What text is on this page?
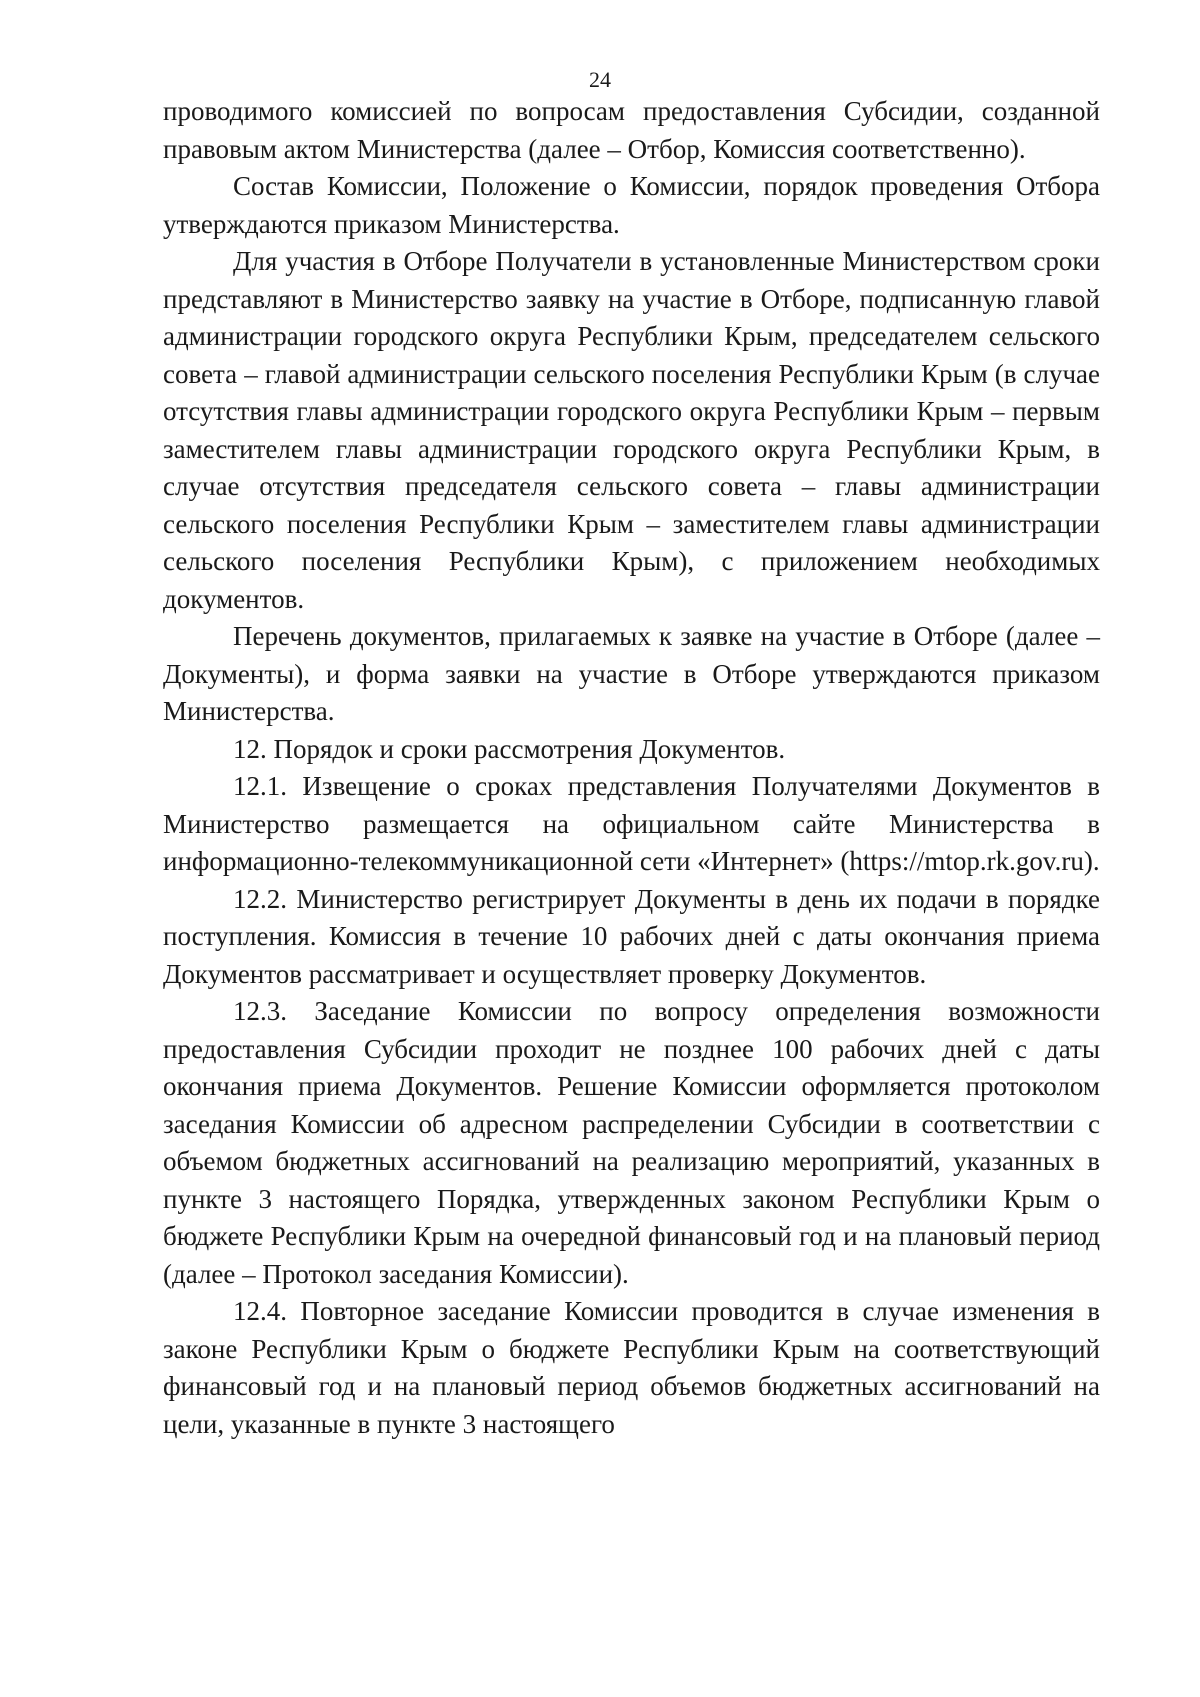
24

проводимого комиссией по вопросам предоставления Субсидии, созданной правовым актом Министерства (далее – Отбор, Комиссия соответственно).

Состав Комиссии, Положение о Комиссии, порядок проведения Отбора утверждаются приказом Министерства.

Для участия в Отборе Получатели в установленные Министерством сроки представляют в Министерство заявку на участие в Отборе, подписанную главой администрации городского округа Республики Крым, председателем сельского совета – главой администрации сельского поселения Республики Крым (в случае отсутствия главы администрации городского округа Республики Крым – первым заместителем главы администрации городского округа Республики Крым, в случае отсутствия председателя сельского совета – главы администрации сельского поселения Республики Крым – заместителем главы администрации сельского поселения Республики Крым), с приложением необходимых документов.

Перечень документов, прилагаемых к заявке на участие в Отборе (далее – Документы), и форма заявки на участие в Отборе утверждаются приказом Министерства.

12. Порядок и сроки рассмотрения Документов.

12.1. Извещение о сроках представления Получателями Документов в Министерство размещается на официальном сайте Министерства в информационно-телекоммуникационной сети «Интернет» (https://mtop.rk.gov.ru).

12.2. Министерство регистрирует Документы в день их подачи в порядке поступления. Комиссия в течение 10 рабочих дней с даты окончания приема Документов рассматривает и осуществляет проверку Документов.

12.3. Заседание Комиссии по вопросу определения возможности предоставления Субсидии проходит не позднее 100 рабочих дней с даты окончания приема Документов. Решение Комиссии оформляется протоколом заседания Комиссии об адресном распределении Субсидии в соответствии с объемом бюджетных ассигнований на реализацию мероприятий, указанных в пункте 3 настоящего Порядка, утвержденных законом Республики Крым о бюджете Республики Крым на очередной финансовый год и на плановый период (далее – Протокол заседания Комиссии).

12.4. Повторное заседание Комиссии проводится в случае изменения в законе Республики Крым о бюджете Республики Крым на соответствующий финансовый год и на плановый период объемов бюджетных ассигнований на цели, указанные в пункте 3 настоящего
